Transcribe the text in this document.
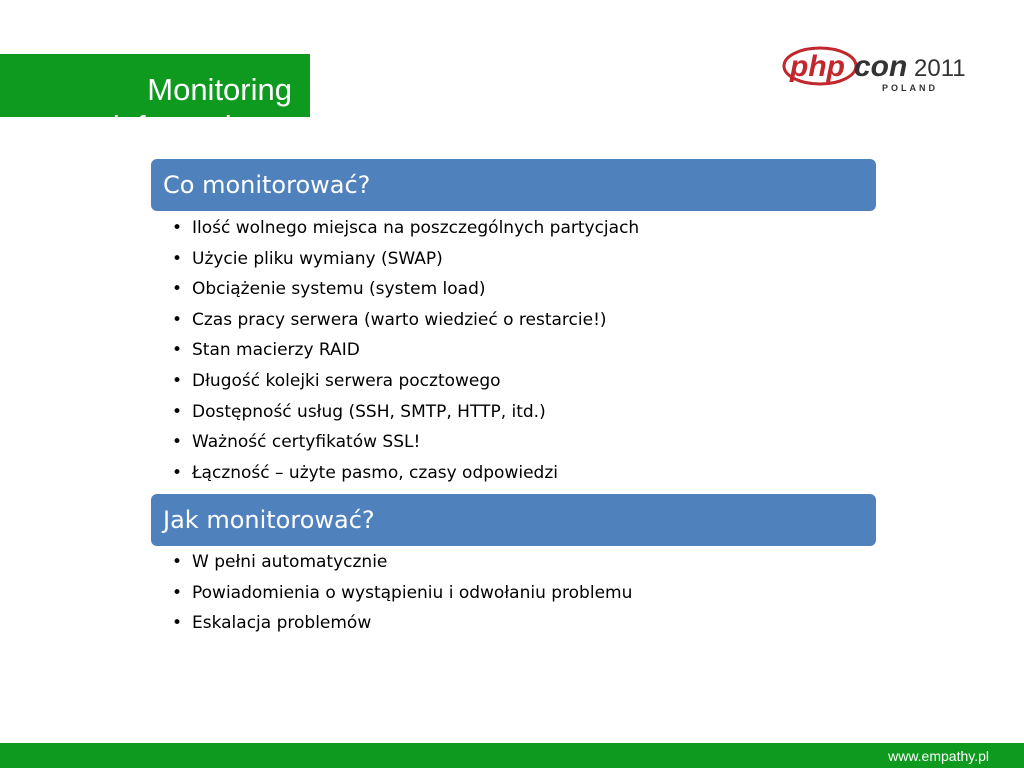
Monitoring
infrastruktury
php con 2011
POLAND
Co monitorować?
• Ilość wolnego miejsca na poszczególnych partycjach
• Użycie pliku wymiany (SWAP)
• Obciążenie systemu (system load)
• Czas pracy serwera (warto wiedzieć o restarcie!)
• Stan macierzy RAID
• Długość kolejki serwera pocztowego
• Dostępność usług (SSH, SMTP, HTTP, itd.)
• Ważność certyfikatów SSL!
• Łączność – użyte pasmo, czasy odpowiedzi
Jak monitorować?
• W pełni automatycznie
• Powiadomienia o wystąpieniu i odwołaniu problemu
• Eskalacja problemów
www.empathy.pl
